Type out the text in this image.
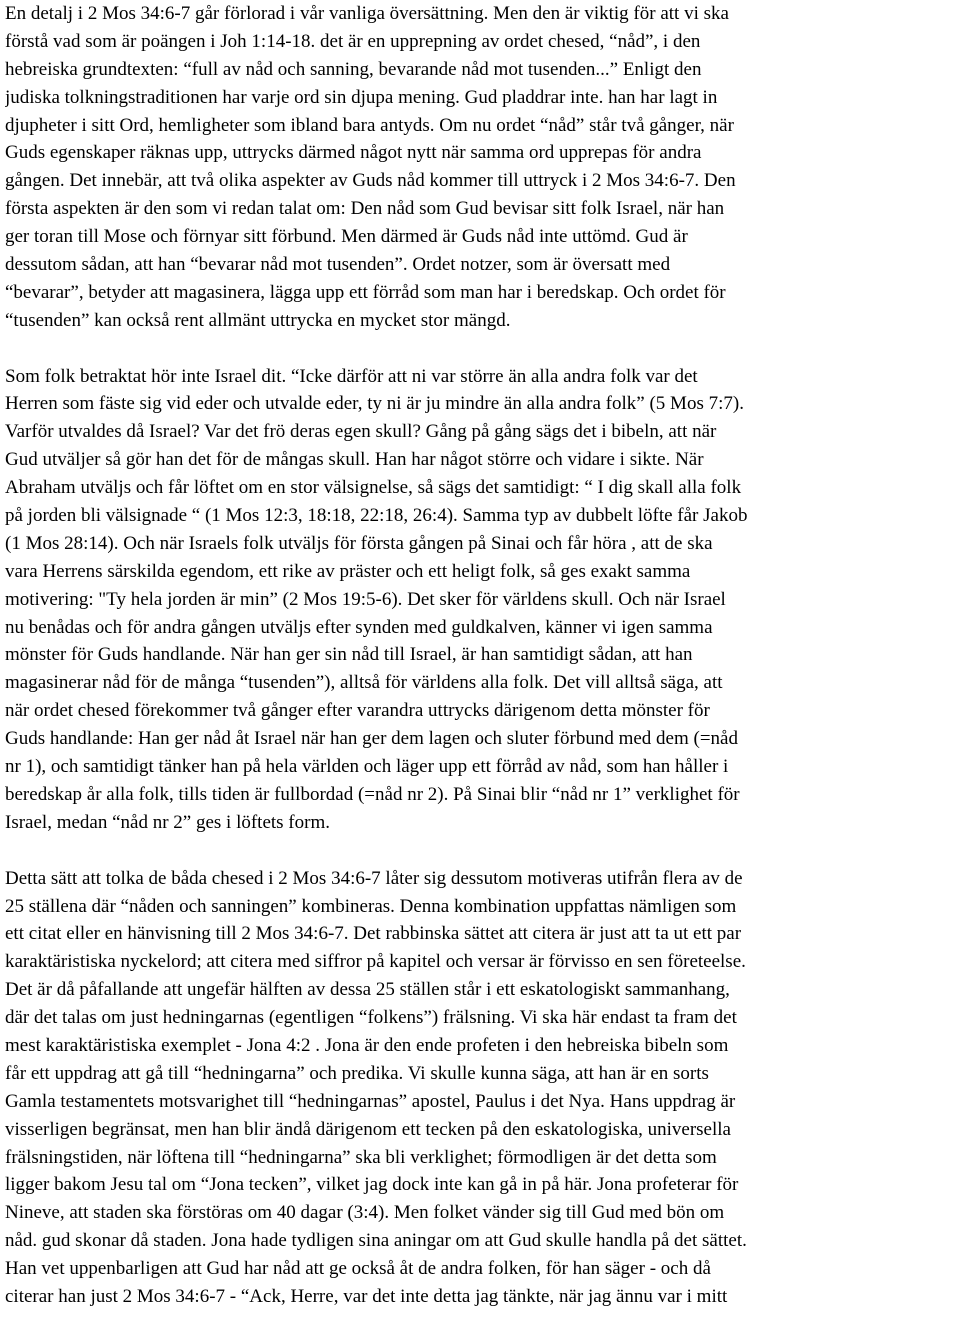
En detalj i 2 Mos 34:6-7 går förlorad i vår vanliga översättning. Men den är viktig för att vi ska
förstå vad som är poängen i Joh 1:14-18. det är en upprepning av ordet chesed, “nåd”, i den
hebreiska grundtexten: “full av nåd och sanning, bevarande nåd mot tusenden...” Enligt den
judiska tolkningstraditionen har varje ord sin djupa mening. Gud pladdrar inte. han har lagt in
djupheter i sitt Ord, hemligheter som ibland bara antyds. Om nu ordet “nåd” står två gånger, när
Guds egenskaper räknas upp, uttrycks därmed något nytt när samma ord upprepas för andra
gången. Det innebär, att två olika aspekter av Guds nåd kommer till uttryck i 2 Mos 34:6-7. Den
första aspekten är den som vi redan talat om: Den nåd som Gud bevisar sitt folk Israel, när han
ger toran till Mose och förnyar sitt förbund. Men därmed är Guds nåd inte uttömd. Gud är
dessutom sådan, att han “bevarar nåd mot tusenden”. Ordet notzer, som är översatt med
“bevarar”, betyder att magasinera, lägga upp ett förråd som man har i beredskap. Och ordet för
“tusenden” kan också rent allmänt uttrycka en mycket stor mängd.
Som folk betraktat hör inte Israel dit. “Icke därför att ni var större än alla andra folk var det
Herren som fäste sig vid eder och utvalde eder, ty ni är ju mindre än alla andra folk” (5 Mos 7:7).
Varför utvaldes då Israel? Var det frö deras egen skull? Gång på gång sägs det i bibeln, att när
Gud utväljer så gör han det för de mångas skull. Han har något större och vidare i sikte. När
Abraham utväljs och får löftet om en stor välsignelse, så sägs det samtidigt: “ I dig skall alla folk
på jorden bli välsignade “ (1 Mos 12:3, 18:18, 22:18, 26:4). Samma typ av dubbelt löfte får Jakob
(1 Mos 28:14). Och när Israels folk utväljs för första gången på Sinai och får höra , att de ska
vara Herrens särskilda egendom, ett rike av präster och ett heligt folk, så ges exakt samma
motivering: "Ty hela jorden är min” (2 Mos 19:5-6). Det sker för världens skull. Och när Israel
nu benådas och för andra gången utväljs efter synden med guldkalven, känner vi igen samma
mönster för Guds handlande. När han ger sin nåd till Israel, är han samtidigt sådan, att han
magasinerar nåd för de många “tusenden”), alltså för världens alla folk. Det vill alltså säga, att
när ordet chesed förekommer två gånger efter varandra uttrycks därigenom detta mönster för
Guds handlande: Han ger nåd åt Israel när han ger dem lagen och sluter förbund med dem (=nåd
nr 1), och samtidigt tänker han på hela världen och läger upp ett förråd av nåd, som han håller i
beredskap år alla folk, tills tiden är fullbordad (=nåd nr 2). På Sinai blir “nåd nr 1” verklighet för
Israel, medan “nåd nr 2” ges i löftets form.
Detta sätt att tolka de båda chesed i 2 Mos 34:6-7 låter sig dessutom motiveras utifrån flera av de
25 ställena där “nåden och sanningen” kombineras. Denna kombination uppfattas nämligen som
ett citat eller en hänvisning till 2 Mos 34:6-7. Det rabbinska sättet att citera är just att ta ut ett par
karaktäristiska nyckelord; att citera med siffror på kapitel och versar är förvisso en sen företeelse.
Det är då påfallande att ungefär hälften av dessa 25 ställen står i ett eskatologiskt sammanhang,
där det talas om just hedningarnas (egentligen “folkens”) frälsning. Vi ska här endast ta fram det
mest karaktäristiska exemplet - Jona 4:2 . Jona är den ende profeten i den hebreiska bibeln som
får ett uppdrag att gå till “hedningarna” och predika. Vi skulle kunna säga, att han är en sorts
Gamla testamentets motsvarighet till “hedningarnas” apostel, Paulus i det Nya. Hans uppdrag är
visserligen begränsat, men han blir ändå därigenom ett tecken på den eskatologiska, universella
frälsningstiden, när löftena till “hedningarna” ska bli verklighet; förmodligen är det detta som
ligger bakom Jesu tal om “Jona tecken”, vilket jag dock inte kan gå in på här. Jona profeterar för
Nineve, att staden ska förstöras om 40 dagar (3:4). Men folket vänder sig till Gud med bön om
nåd. gud skonar då staden. Jona hade tydligen sina aningar om att Gud skulle handla på det sättet.
Han vet uppenbarligen att Gud har nåd att ge också åt de andra folken, för han säger - och då
citerar han just 2 Mos 34:6-7 - “Ack, Herre, var det inte detta jag tänkte, när jag ännu var i mitt
